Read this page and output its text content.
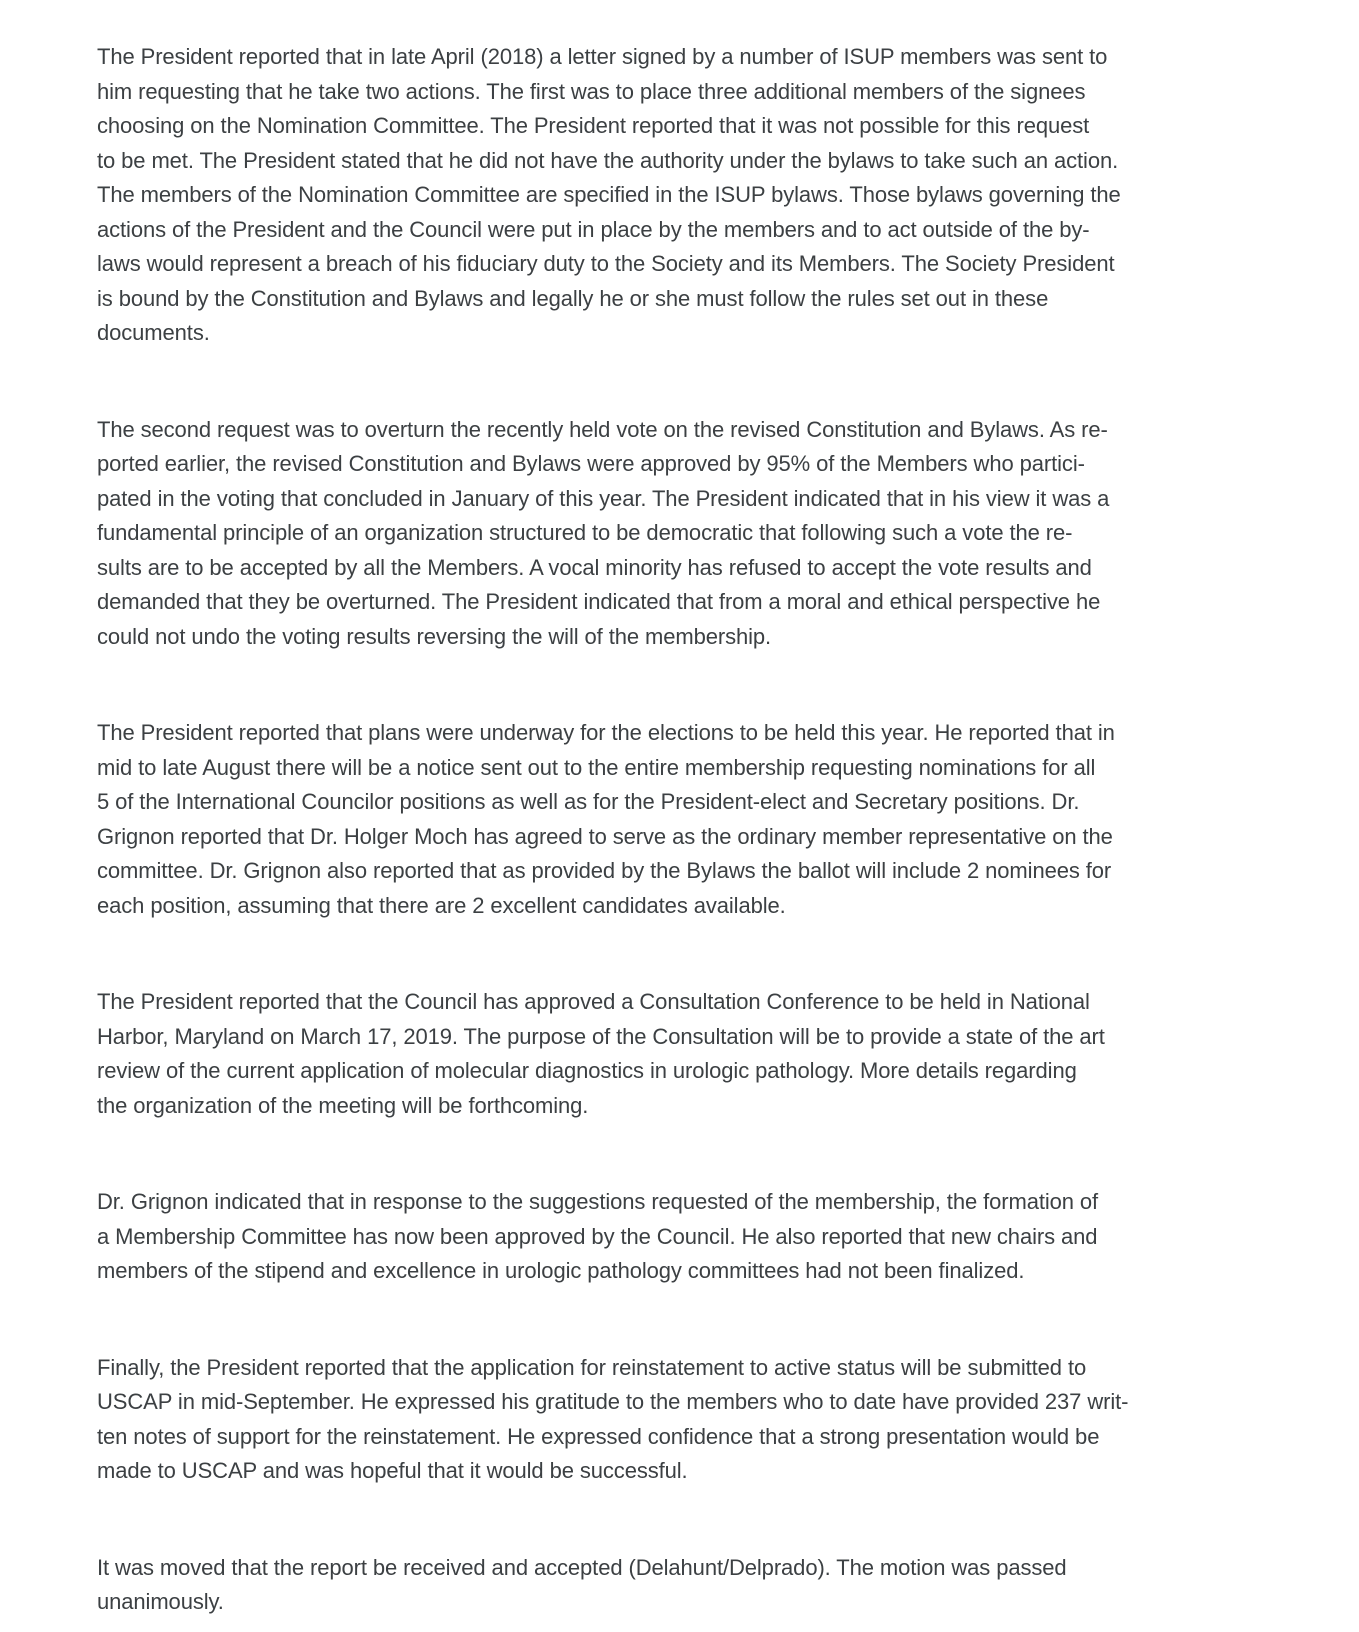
The President reported that in late April (2018) a letter signed by a number of ISUP members was sent to
him requesting that he take two actions. The first was to place three additional members of the signees
choosing on the Nomination Committee. The President reported that it was not possible for this request
to be met. The President stated that he did not have the authority under the bylaws to take such an action.
The members of the Nomination Committee are specified in the ISUP bylaws. Those bylaws governing the
actions of the President and the Council were put in place by the members and to act outside of the by-
laws would represent a breach of his fiduciary duty to the Society and its Members. The Society President
is bound by the Constitution and Bylaws and legally he or she must follow the rules set out in these
documents.

The second request was to overturn the recently held vote on the revised Constitution and Bylaws. As re-
ported earlier, the revised Constitution and Bylaws were approved by 95% of the Members who partici-
pated in the voting that concluded in January of this year. The President indicated that in his view it was a
fundamental principle of an organization structured to be democratic that following such a vote the re-
sults are to be accepted by all the Members. A vocal minority has refused to accept the vote results and
demanded that they be overturned. The President indicated that from a moral and ethical perspective he
could not undo the voting results reversing the will of the membership.

The President reported that plans were underway for the elections to be held this year. He reported that in
mid to late August there will be a notice sent out to the entire membership requesting nominations for all
5 of the International Councilor positions as well as for the President-elect and Secretary positions. Dr.
Grignon reported that Dr. Holger Moch has agreed to serve as the ordinary member representative on the
committee. Dr. Grignon also reported that as provided by the Bylaws the ballot will include 2 nominees for
each position, assuming that there are 2 excellent candidates available.

The President reported that the Council has approved a Consultation Conference to be held in National
Harbor, Maryland on March 17, 2019. The purpose of the Consultation will be to provide a state of the art
review of the current application of molecular diagnostics in urologic pathology. More details regarding
the organization of the meeting will be forthcoming.

Dr. Grignon indicated that in response to the suggestions requested of the membership, the formation of
a Membership Committee has now been approved by the Council. He also reported that new chairs and
members of the stipend and excellence in urologic pathology committees had not been finalized.

Finally, the President reported that the application for reinstatement to active status will be submitted to
USCAP in mid-September. He expressed his gratitude to the members who to date have provided 237 writ-
ten notes of support for the reinstatement. He expressed confidence that a strong presentation would be
made to USCAP and was hopeful that it would be successful.

It was moved that the report be received and accepted (Delahunt/Delprado). The motion was passed
unanimously.
